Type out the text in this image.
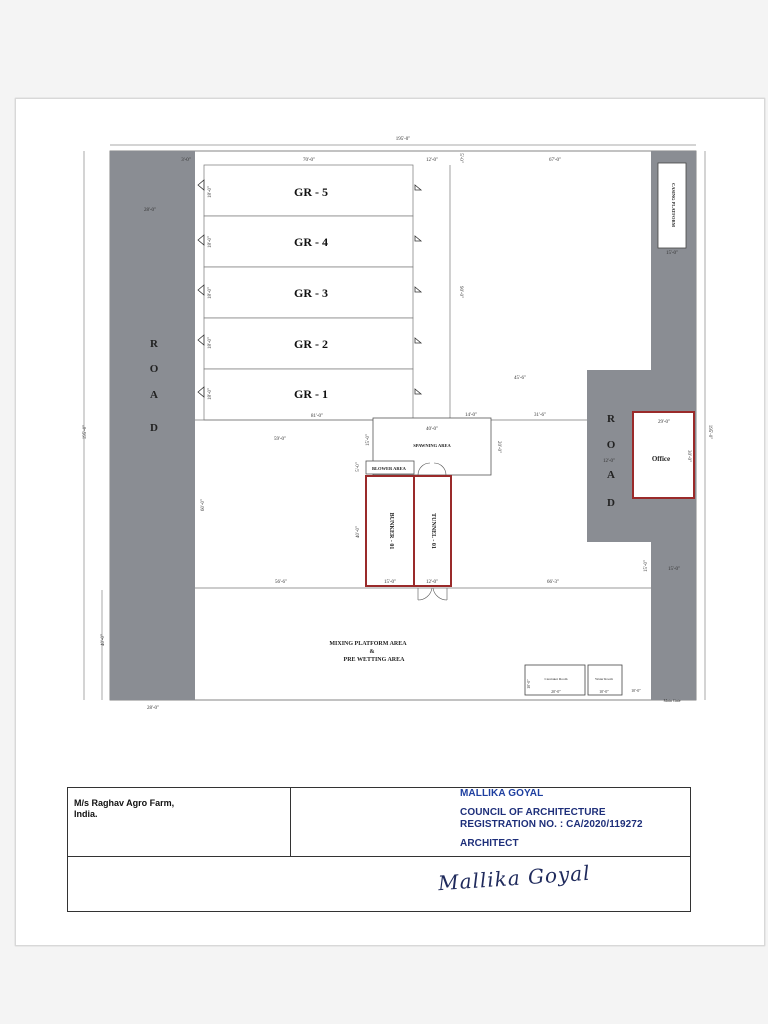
R
O
A
D
R
O
A
D
CASING PLATFORM
Office
GR - 5
GR - 4
GR - 3
GR - 2
GR - 1
SPAWNING AREA
BLOWER AREA
BUNKER - 01	TUNNEL - 01
MIXING PLATFORM AREA
&
PRE WETTING AREA
Caretaker Room	Water Room
20'-0"	10'-0"
10'-0"
10'-0"
Main Gate
195'-0"
195'-0"	195'-0"
28'-0"
28'-0"
3'-0"
40'-0"
70'-0"	12'-0"	5'-0"	67'-0"
18'-0"
18'-0"
18'-0"
18'-0"
18'-0"
90'-0"
45'-6"
81'-0"	14'-0"	31'-6"
59'-0"
60'-0"
15'-0"
40'-0"
20'-0"
5'-0"
40'-0"
15'-0"	12'-0"
56'-6"	66'-3"
29'-0"
30'-0"
12'-0"
15'-0"	15'-0"
15'-0"
M/s Raghav Agro Farm,
India.
MALLIKA GOYAL
COUNCIL OF ARCHITECTURE
REGISTRATION NO. : CA/2020/119272
ARCHITECT
Mallika Goyal
